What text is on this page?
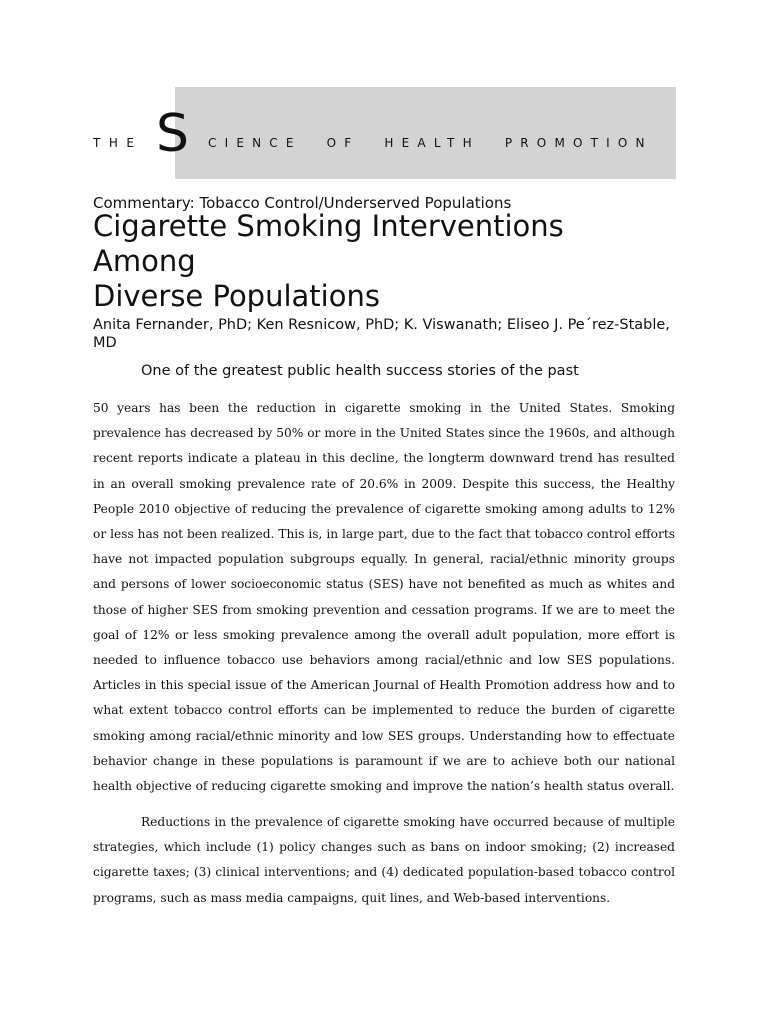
THE S CIENCE OF HEALTH PROMOTION
Commentary: Tobacco Control/Underserved Populations
Cigarette Smoking Interventions
Among
Diverse Populations
Anita Fernander, PhD; Ken Resnicow, PhD; K. Viswanath; Eliseo J. Pe´rez-Stable, MD
One of the greatest public health success stories of the past

50 years has been the reduction in cigarette smoking in the United States. Smoking prevalence has decreased by 50% or more in the United States since the 1960s, and although recent reports indicate a plateau in this decline, the longterm downward trend has resulted in an overall smoking prevalence rate of 20.6% in 2009. Despite this success, the Healthy People 2010 objective of reducing the prevalence of cigarette smoking among adults to 12% or less has not been realized. This is, in large part, due to the fact that tobacco control efforts have not impacted population subgroups equally. In general, racial/ethnic minority groups and persons of lower socioeconomic status (SES) have not benefited as much as whites and those of higher SES from smoking prevention and cessation programs. If we are to meet the goal of 12% or less smoking prevalence among the overall adult population, more effort is needed to influence tobacco use behaviors among racial/ethnic and low SES populations. Articles in this special issue of the American Journal of Health Promotion address how and to what extent tobacco control efforts can be implemented to reduce the burden of cigarette smoking among racial/ethnic minority and low SES groups. Understanding how to effectuate behavior change in these populations is paramount if we are to achieve both our national health objective of reducing cigarette smoking and improve the nation’s health status overall.

Reductions in the prevalence of cigarette smoking have occurred because of multiple strategies, which include (1) policy changes such as bans on indoor smoking; (2) increased cigarette taxes; (3) clinical interventions; and (4) dedicated population-based tobacco control programs, such as mass media campaigns, quit lines, and Web-based interventions.
